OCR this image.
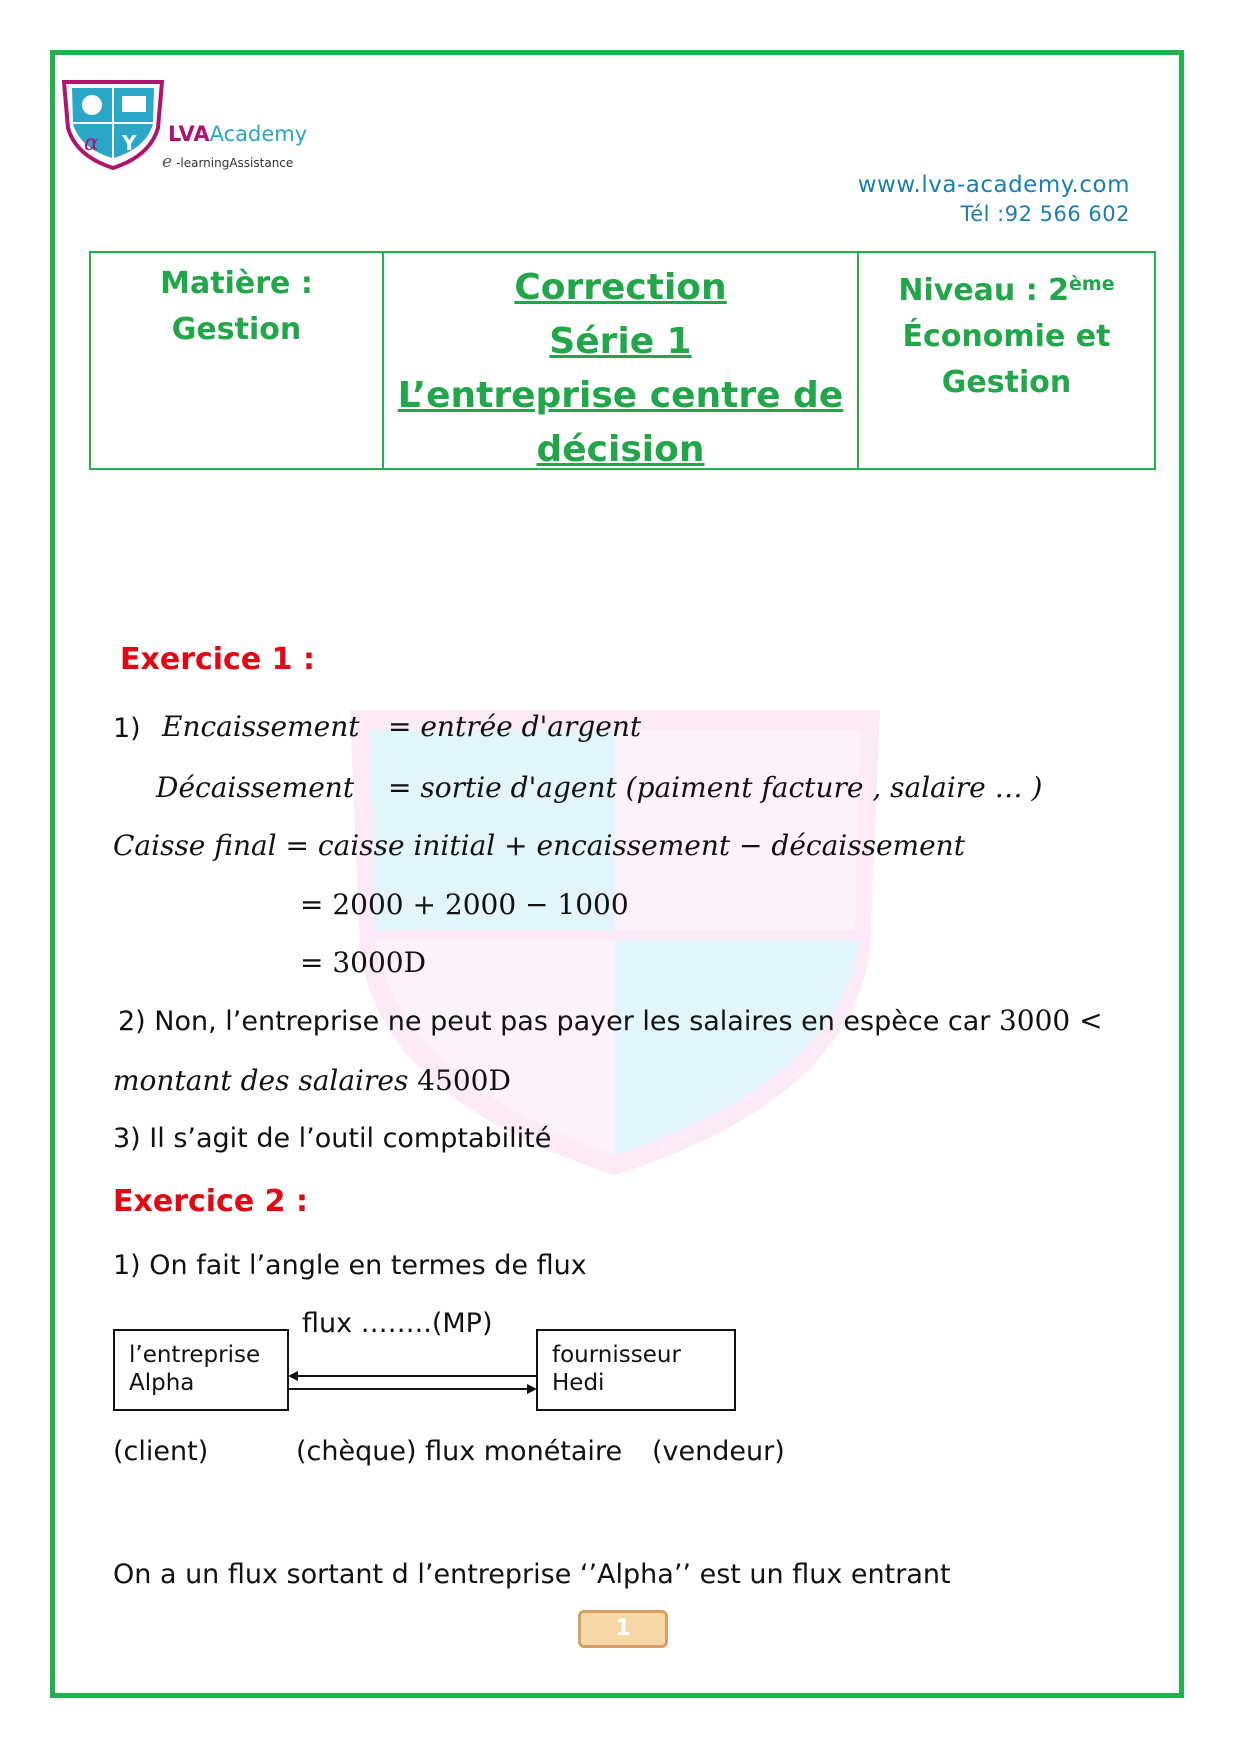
α Y LVAAcademy
e -learningAssistance
www.lva-academy.com
Tél :92 566 602
Matière :
Gestion
Correction
Série 1
L’entreprise centre de
décision
Niveau : 2ème
Économie et
Gestion
Exercice 1 :
1) Encaissement = entrée d'argent
Décaissement = sortie d'agent (paiment facture , salaire … )
Caisse final = caisse initial + encaissement − décaissement
= 2000 + 2000 − 1000
= 3000D
2) Non, l’entreprise ne peut pas payer les salaires en espèce car 3000 <
montant des salaires 4500D
3) Il s’agit de l’outil comptabilité
Exercice 2 :
1) On fait l’angle en termes de flux
flux ……..(MP)
l’entreprise
Alpha
fournisseur
Hedi
(client)	(chèque) flux monétaire (vendeur)
On a un flux sortant d l’entreprise ‘’Alpha’’ est un flux entrant
1
